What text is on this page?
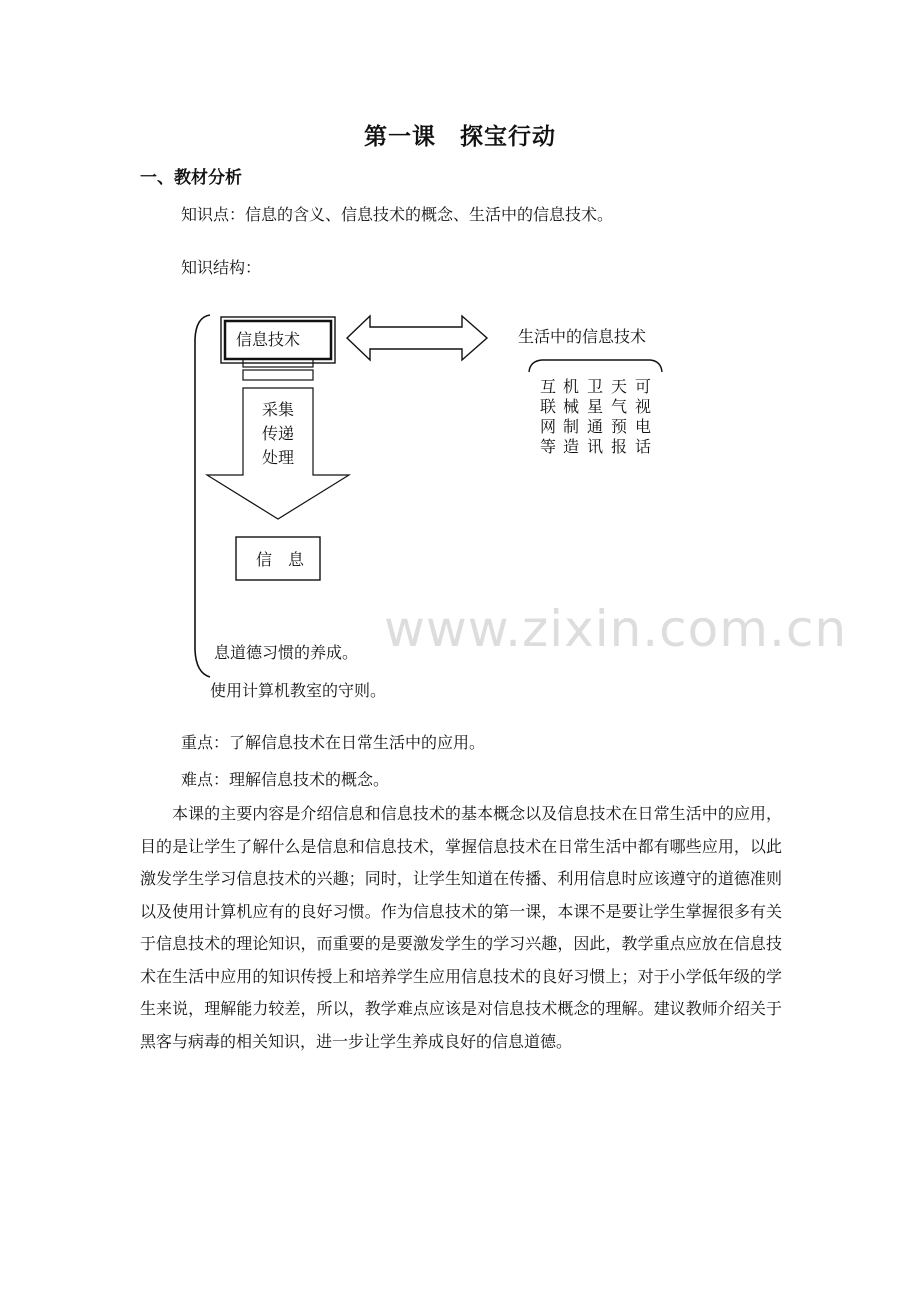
第一课　探宝行动
一、教材分析
知识点：信息的含义、信息技术的概念、生活中的信息技术。
知识结构：
信息技术	生活中的信息技术
采集
传递
处理
信　息
互
联
网
等
机
械
制
造
卫
星
通
讯
天
气
预
报
可
视
电
话
息道德习惯的养成。
使用计算机教室的守则。
www.zixin.com.cn
重点：了解信息技术在日常生活中的应用。
难点：理解信息技术的概念。
本课的主要内容是介绍信息和信息技术的基本概念以及信息技术在日常生活中的应用，目的是让学生了解什么是信息和信息技术，掌握信息技术在日常生活中都有哪些应用，以此激发学生学习信息技术的兴趣；同时，让学生知道在传播、利用信息时应该遵守的道德准则以及使用计算机应有的良好习惯。作为信息技术的第一课，本课不是要让学生掌握很多有关于信息技术的理论知识，而重要的是要激发学生的学习兴趣，因此，教学重点应放在信息技术在生活中应用的知识传授上和培养学生应用信息技术的良好习惯上；对于小学低年级的学生来说，理解能力较差，所以，教学难点应该是对信息技术概念的理解。建议教师介绍关于黑客与病毒的相关知识，进一步让学生养成良好的信息道德。
